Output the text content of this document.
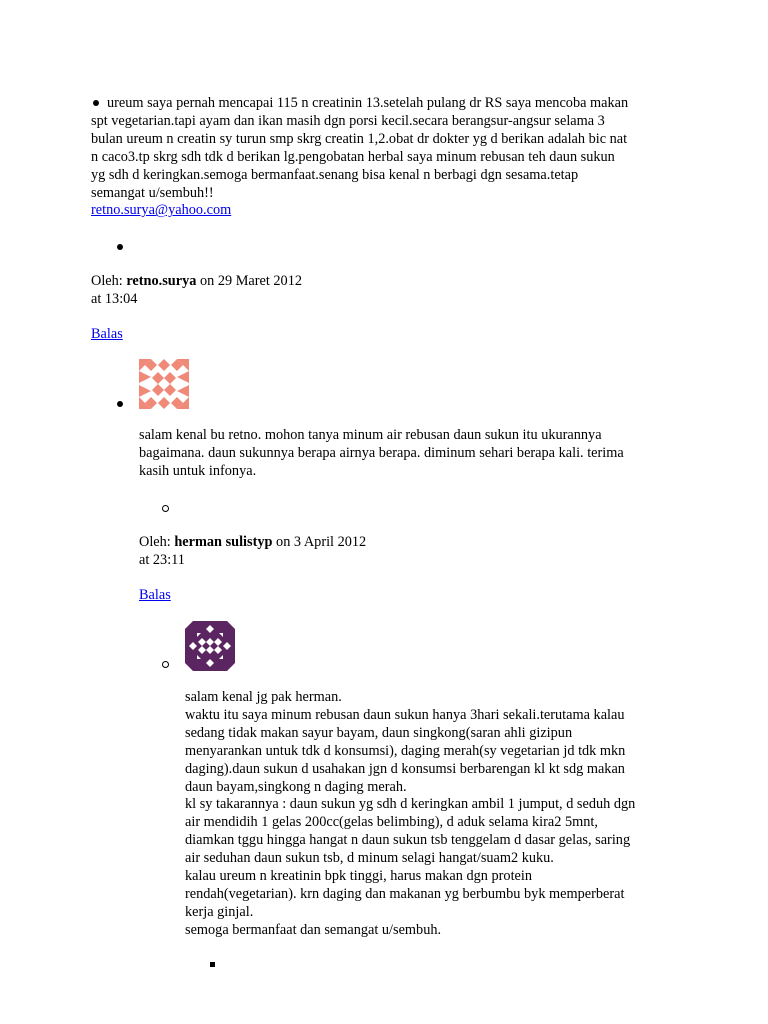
ureum saya pernah mencapai 115 n creatinin 13.setelah pulang dr RS saya mencoba makan
spt vegetarian.tapi ayam dan ikan masih dgn porsi kecil.secara berangsur-angsur selama 3
bulan ureum n creatin sy turun smp skrg creatin 1,2.obat dr dokter yg d berikan adalah bic nat
n caco3.tp skrg sdh tdk d berikan lg.pengobatan herbal saya minum rebusan teh daun sukun
yg sdh d keringkan.semoga bermanfaat.senang bisa kenal n berbagi dgn sesama.tetap
semangat u/sembuh!!
retno.surya@yahoo.com
Oleh: retno.surya on 29 Maret 2012
at 13:04
Balas
salam kenal bu retno. mohon tanya minum air rebusan daun sukun itu ukurannya
bagaimana. daun sukunnya berapa airnya berapa. diminum sehari berapa kali. terima
kasih untuk infonya.
Oleh: herman sulistyp on 3 April 2012
at 23:11
Balas
salam kenal jg pak herman.
waktu itu saya minum rebusan daun sukun hanya 3hari sekali.terutama kalau
sedang tidak makan sayur bayam, daun singkong(saran ahli gizipun
menyarankan untuk tdk d konsumsi), daging merah(sy vegetarian jd tdk mkn
daging).daun sukun d usahakan jgn d konsumsi berbarengan kl kt sdg makan
daun bayam,singkong n daging merah.
kl sy takarannya : daun sukun yg sdh d keringkan ambil 1 jumput, d seduh dgn
air mendidih 1 gelas 200cc(gelas belimbing), d aduk selama kira2 5mnt,
diamkan tggu hingga hangat n daun sukun tsb tenggelam d dasar gelas, saring
air seduhan daun sukun tsb, d minum selagi hangat/suam2 kuku.
kalau ureum n kreatinin bpk tinggi, harus makan dgn protein
rendah(vegetarian). krn daging dan makanan yg berbumbu byk memperberat
kerja ginjal.
semoga bermanfaat dan semangat u/sembuh.
